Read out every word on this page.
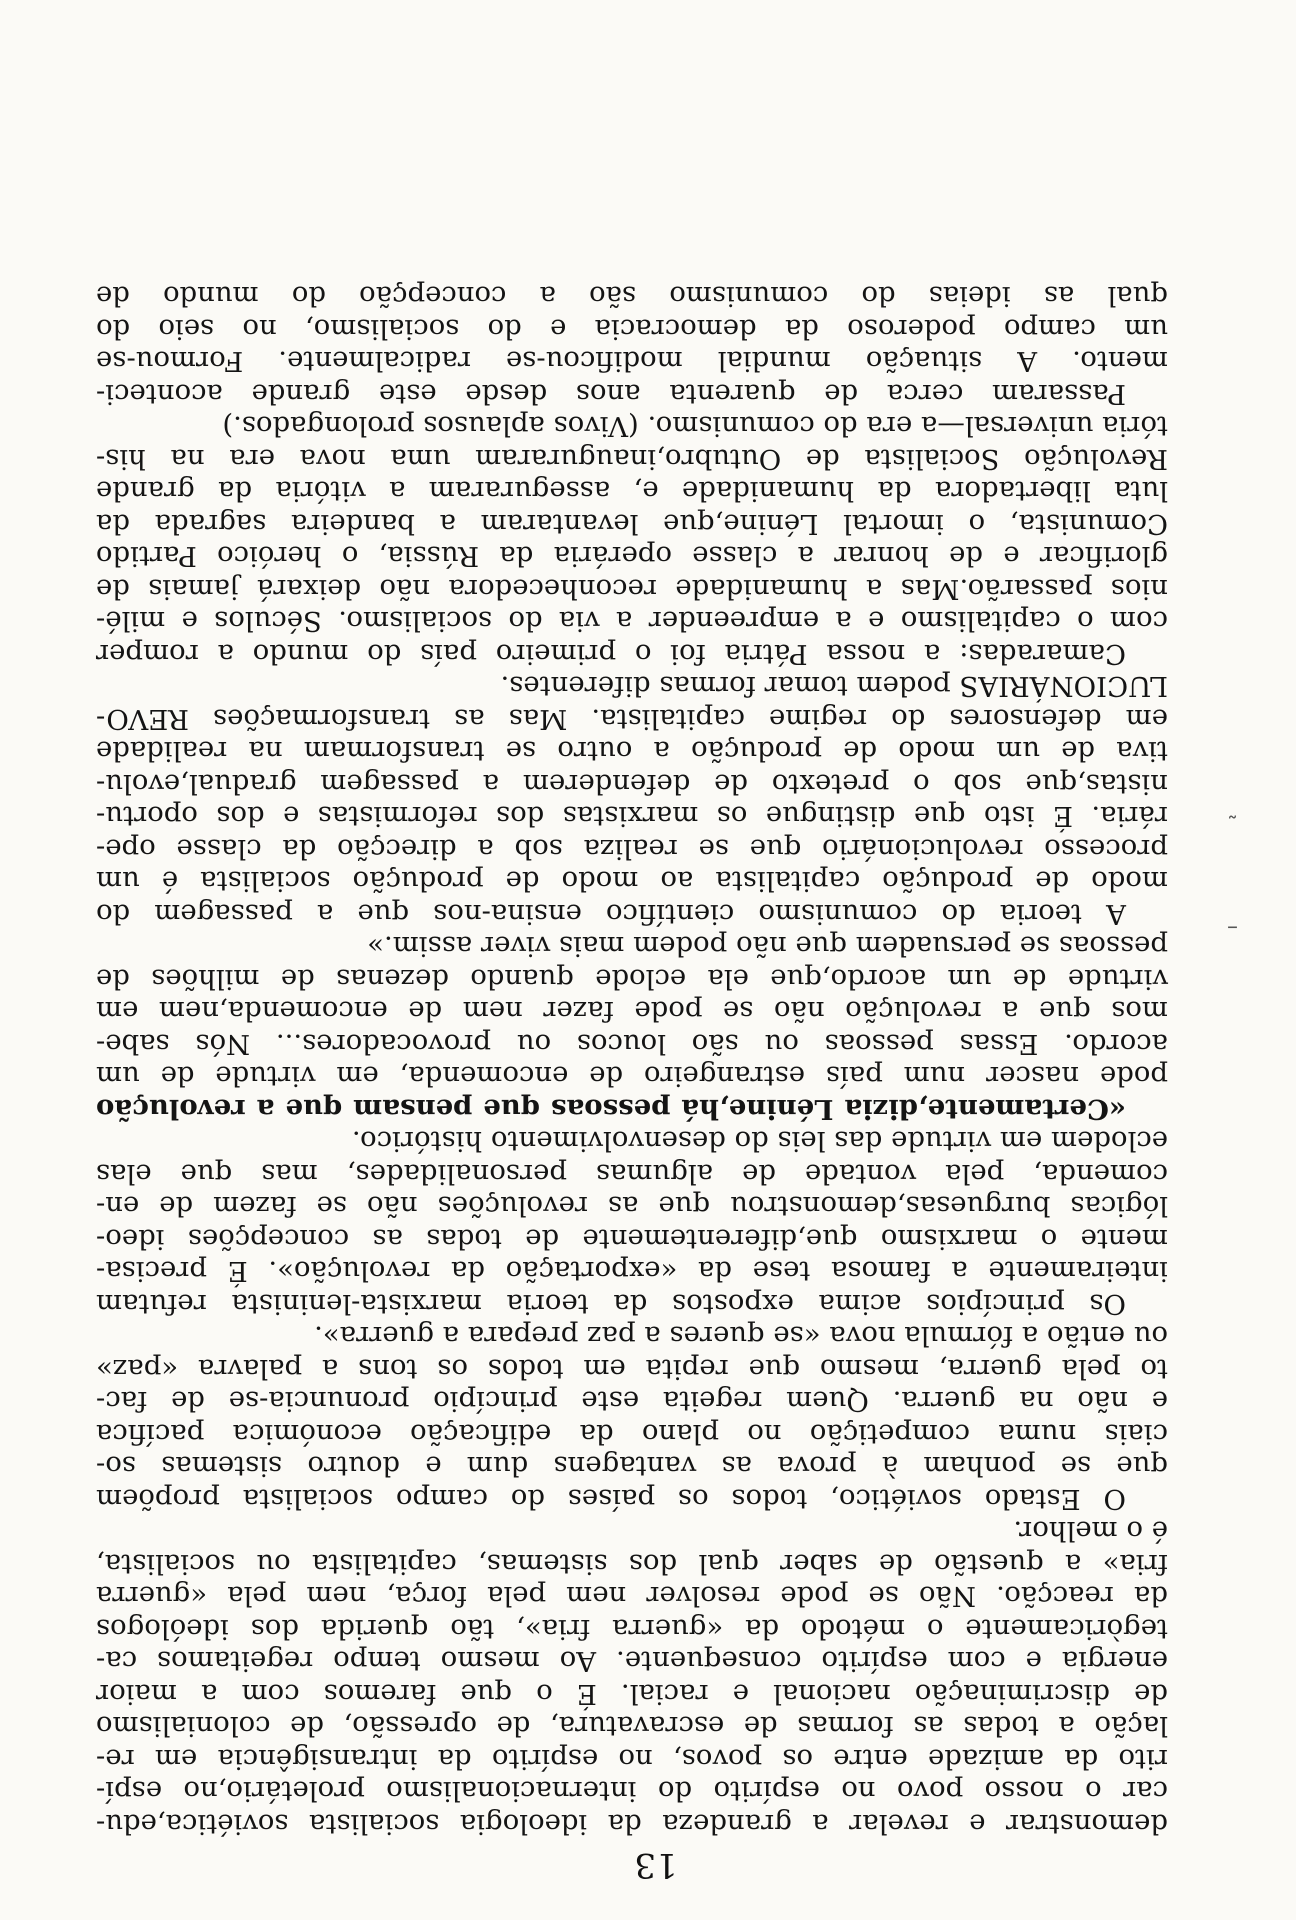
13
demonstrar e revelar a grandeza da ideologia socialista soviética,edu-
car o nosso povo no espírito do internacionalismo proletário,no espí-
rito da amizade entre os povos, no espírito da intransigência em re-
lação a todas as formas de escravatura, de opressão, de colonialismo
de discriminação nacional e racial. É o que faremos com a maior
energia e com espírito consequente. Ao mesmo tempo regeitamos ca-
tegòricamente o método da «guerra fria», tão querida dos ideólogos
da reacção. Não se pode resolver nem pela força, nem pela «guerra
fria» a questão de saber qual dos sistemas, capitalista ou socialista,
é o melhor.
O Estado soviético, todos os países do campo socialista propõem
que se ponham à prova as vantagens dum e doutro sistemas so-
ciais numa competição no plano da edificação económica pacífica
e não na guerra. Quem regeita este princípio pronuncia-se de fac-
to pela guerra, mesmo que repita em todos os tons a palavra «paz»
ou então a fórmula nova «se queres a paz prepara a guerra».
Os princípios acima expostos da teoria marxista-leninista refutam
inteiramente a famosa tese da «exportação da revolução». É precisa-
mente o marxismo que,diferentemente de todas as concepções ideo-
lógicas burguesas,demonstrou que as revoluções não se fazem de en-
comenda, pela vontade de algumas personalidades, mas que elas
eclodem em virtude das leis do desenvolvimento histórico.
«Certamente,dizia Lénine,há pessoas que pensam que a revolução
pode nascer num país estrangeiro de encomenda, em virtude de um
acordo. Essas pessoas ou são loucos ou provocadores... Nós sabe-
mos que a revolução não se pode fazer nem de encomenda,nem em
virtude de um acordo,que ela eclode quando dezenas de milhões de
pessoas se persuadem que não podem mais viver assim.»
A teoria do comunismo científico ensina-nos que a passagem do
modo de produção capitalista ao modo de produção socialista é um
processo revolucionário que se realiza sob a direcção da classe ope-
rária. É isto que distingue os marxistas dos reformistas e dos oportu-
nistas,que sob o pretexto de defenderem a passagem gradual,evolu-
tiva de um modo de produção a outro se transformam na realidade
em defensores do regime capitalista. Mas as transformações REVO-
LUCIONÁRIAS podem tomar formas diferentes.
Camaradas: a nossa Pátria foi o primeiro país do mundo a romper
com o capitalismo e a empreender a via do socialismo. Séculos e milé-
nios passarão.Mas a humanidade reconhecedora não deixará jamais de
glorificar e de honrar a classe operária da Rússia, o heróico Partido
Comunista, o imortal Lénine,que levantaram a bandeira sagrada da
luta libertadora da humanidade e, asseguraram a vitória da grande
Revolução Socialista de Outubro,inauguraram uma nova era na his-
tória universal—a era do comunismo. (Vivos aplausos prolongados.)
Passaram cerca de quarenta anos desde este grande aconteci-
mento. A situação mundial modificou-se radicalmente. Formou-se
um campo poderoso da democracia e do socialismo, no seio do
qual as ideias do comunismo são a concepção do mundo de
–
˜
